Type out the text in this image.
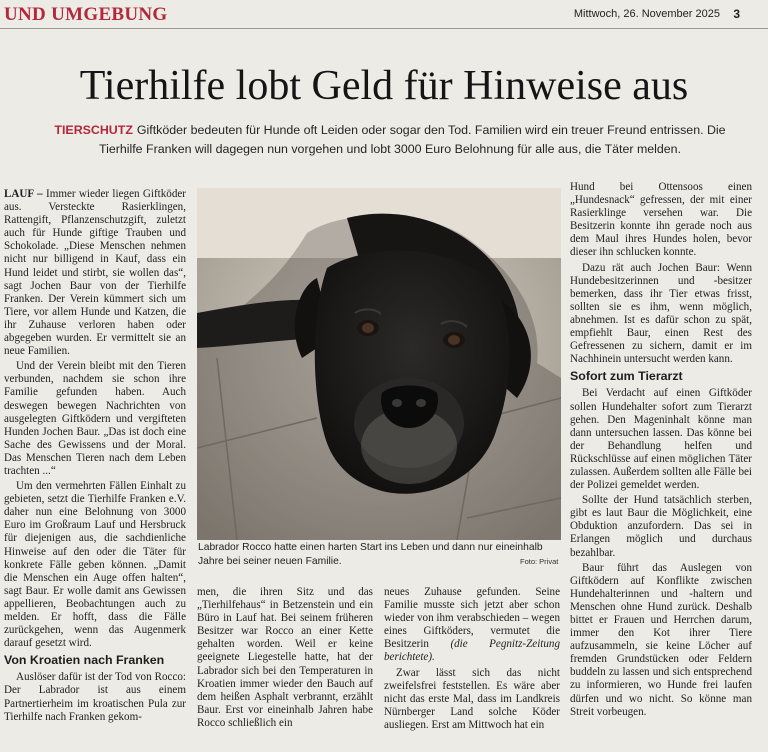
UND UMGEBUNG	Mittwoch, 26. November 2025 3
Tierhilfe lobt Geld für Hinweise aus
TIERSCHUTZ Giftköder bedeuten für Hunde oft Leiden oder sogar den Tod. Familien wird ein treuer Freund entrissen. Die Tierhilfe Franken will dagegen nun vorgehen und lobt 3000 Euro Belohnung für alle aus, die Täter melden.

LAUF – Immer wieder liegen Giftköder aus. Versteckte Rasierklingen, Rattengift, Pflanzenschutzgift, zuletzt auch für Hunde giftige Trauben und Schokolade. „Diese Menschen nehmen nicht nur billigend in Kauf, dass ein Hund leidet und stirbt, sie wollen das“, sagt Jochen Baur von der Tierhilfe Franken. Der Verein kümmert sich um Tiere, vor allem Hunde und Katzen, die ihr Zuhause verloren haben oder abgegeben wurden. Er vermittelt sie an neue Familien.

Und der Verein bleibt mit den Tieren verbunden, nachdem sie schon ihre Familie gefunden haben. Auch deswegen bewegen Nachrichten von ausgelegten Giftködern und vergifteten Hunden Jochen Baur. „Das ist doch eine Sache des Gewissens und der Moral. Das Menschen Tieren nach dem Leben trachten ...“

Um den vermehrten Fällen Einhalt zu gebieten, setzt die Tierhilfe Franken e.V. daher nun eine Belohnung von 3000 Euro im Großraum Lauf und Hersbruck für diejenigen aus, die sachdienliche Hinweise auf den oder die Täter für konkrete Fälle geben können. „Damit die Menschen ein Auge offen halten“, sagt Baur. Er wolle damit ans Gewissen appellieren, Beobachtungen auch zu melden. Er hofft, dass die Fälle zurückgehen, wenn das Augenmerk darauf gesetzt wird.

Von Kroatien nach Franken

Auslöser dafür ist der Tod von Rocco: Der Labrador ist aus einem Partnertierheim im kroatischen Pula zur Tierhilfe nach Franken gekom-

Labrador Rocco hatte einen harten Start ins Leben und dann nur eineinhalb Jahre bei seiner neuen Familie.	Foto: Privat

men, die ihren Sitz und das „Tierhilfehaus“ in Betzenstein und ein Büro in Lauf hat. Bei seinem früheren Besitzer war Rocco an einer Kette gehalten worden. Weil er keine geeignete Liegestelle hatte, hat der Labrador sich bei den Temperaturen in Kroatien immer wieder den Bauch auf dem heißen Asphalt verbrannt, erzählt Baur. Erst vor eineinhalb Jahren habe Rocco schließlich ein

neues Zuhause gefunden. Seine Familie musste sich jetzt aber schon wieder von ihm verabschieden – wegen eines Giftköders, vermutet die Besitzerin (die Pegnitz-Zeitung berichtete).

Zwar lässt sich das nicht zweifelsfrei feststellen. Es wäre aber nicht das erste Mal, dass im Landkreis Nürnberger Land solche Köder ausliegen. Erst am Mittwoch hat ein

Hund bei Ottensoos einen „Hundesnack“ gefressen, der mit einer Rasierklinge versehen war. Die Besitzerin konnte ihn gerade noch aus dem Maul ihres Hundes holen, bevor dieser ihn schlucken konnte.

Dazu rät auch Jochen Baur: Wenn Hundebesitzerinnen und -besitzer bemerken, dass ihr Tier etwas frisst, sollten sie es ihm, wenn möglich, abnehmen. Ist es dafür schon zu spät, empfiehlt Baur, einen Rest des Gefressenen zu sichern, damit er im Nachhinein untersucht werden kann.

Sofort zum Tierarzt

Bei Verdacht auf einen Giftköder sollen Hundehalter sofort zum Tierarzt gehen. Den Mageninhalt könne man dann untersuchen lassen. Das könne bei der Behandlung helfen und Rückschlüsse auf einen möglichen Täter zulassen. Außerdem sollten alle Fälle bei der Polizei gemeldet werden.

Sollte der Hund tatsächlich sterben, gibt es laut Baur die Möglichkeit, eine Obduktion anzufordern. Das sei in Erlangen möglich und durchaus bezahlbar.

Baur führt das Auslegen von Giftködern auf Konflikte zwischen Hundehalterinnen und -haltern und Menschen ohne Hund zurück. Deshalb bittet er Frauen und Herrchen darum, immer den Kot ihrer Tiere aufzusammeln, sie keine Löcher auf fremden Grundstücken oder Feldern buddeln zu lassen und sich entsprechend zu informieren, wo Hunde frei laufen dürfen und wo nicht. So könne man Streit vorbeugen.
